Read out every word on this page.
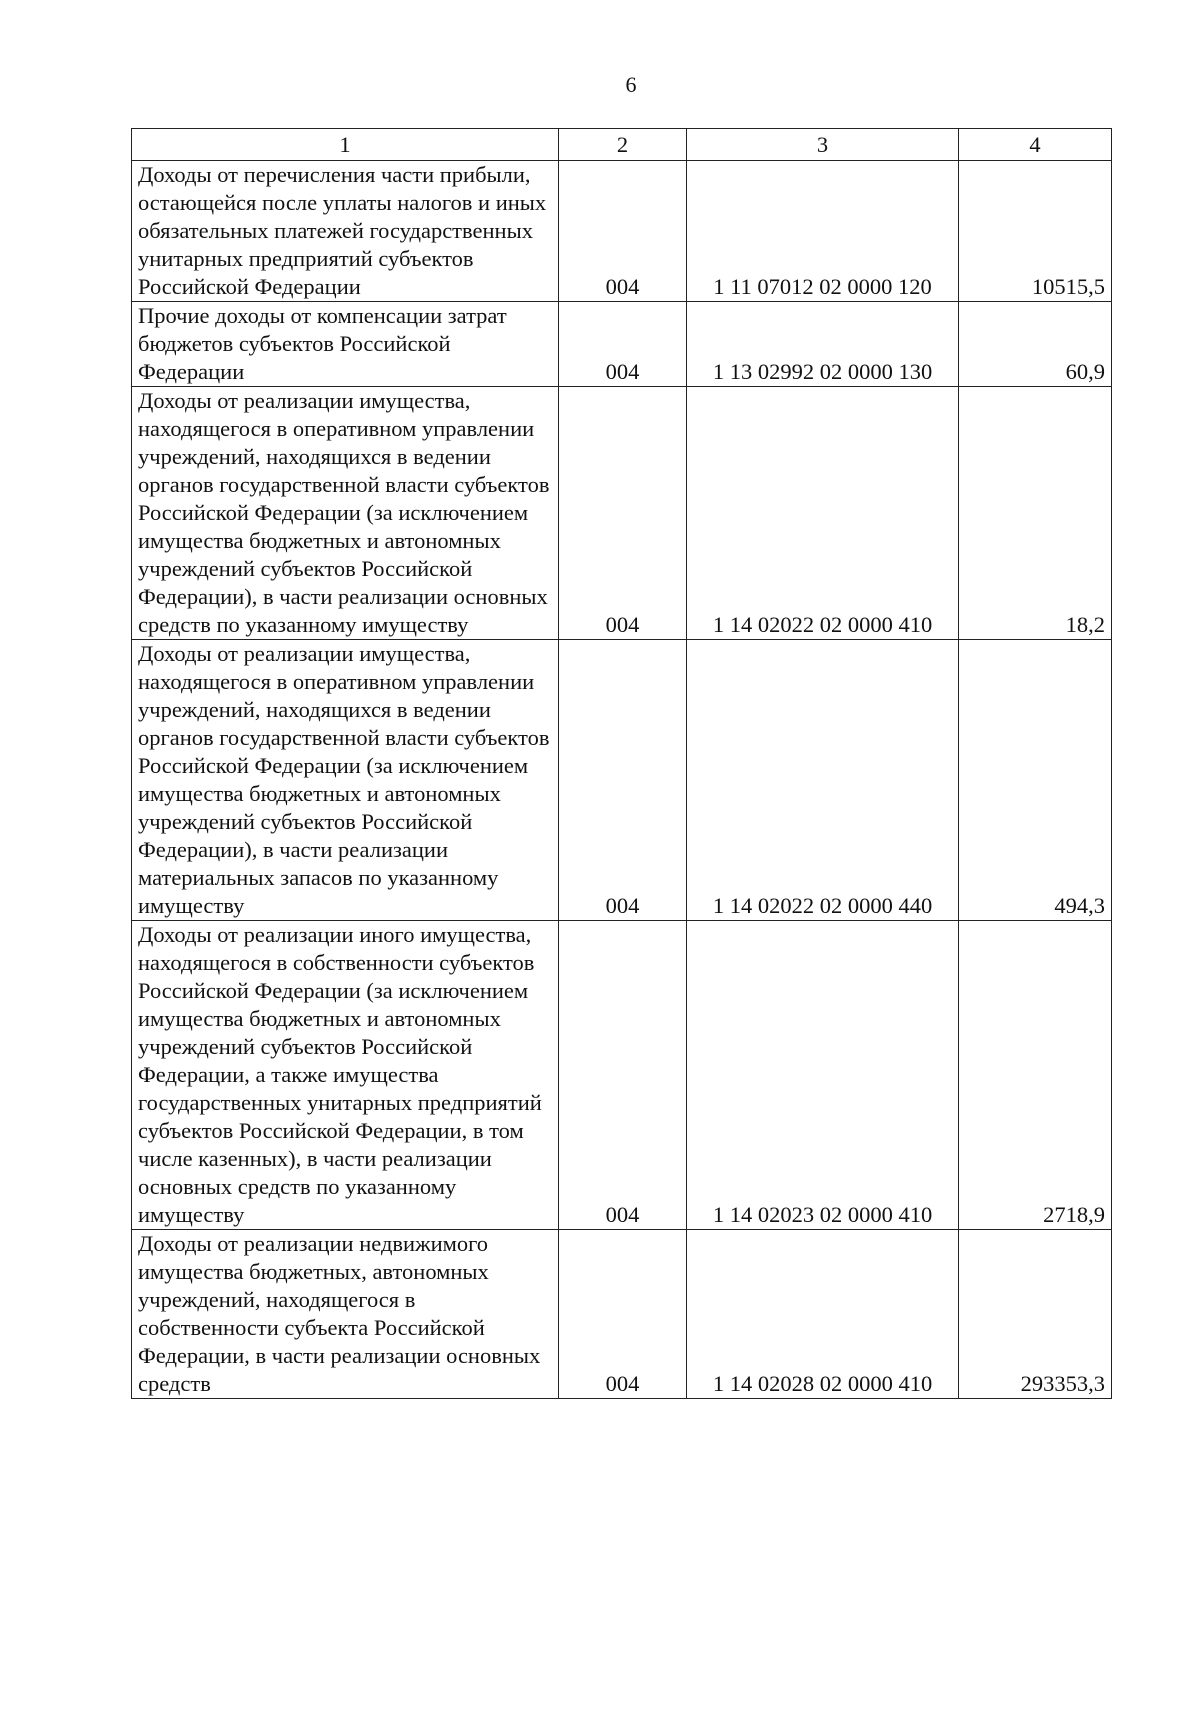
6
1	2	3	4
Доходы от перечисления части прибыли, остающейся после уплаты налогов и иных обязательных платежей государственных унитарных предприятий субъектов Российской Федерации	004	1 11 07012 02 0000 120	10515,5
Прочие доходы от компенсации затрат бюджетов субъектов Российской Федерации	004	1 13 02992 02 0000 130	60,9
Доходы от реализации имущества, находящегося в оперативном управлении учреждений, находящихся в ведении органов государственной власти субъектов Российской Федерации (за исключением имущества бюджетных и автономных учреждений субъектов Российской Федерации), в части реализации основных средств по указанному имуществу	004	1 14 02022 02 0000 410	18,2
Доходы от реализации имущества, находящегося в оперативном управлении учреждений, находящихся в ведении органов государственной власти субъектов Российской Федерации (за исключением имущества бюджетных и автономных учреждений субъектов Российской Федерации), в части реализации материальных запасов по указанному имуществу	004	1 14 02022 02 0000 440	494,3
Доходы от реализации иного имущества, находящегося в собственности субъектов Российской Федерации (за исключением имущества бюджетных и автономных учреждений субъектов Российской Федерации, а также имущества государственных унитарных предприятий субъектов Российской Федерации, в том числе казенных), в части реализации основных средств по указанному имуществу	004	1 14 02023 02 0000 410	2718,9
Доходы от реализации недвижимого имущества бюджетных, автономных учреждений, находящегося в собственности субъекта Российской Федерации, в части реализации основных средств	004	1 14 02028 02 0000 410	293353,3
